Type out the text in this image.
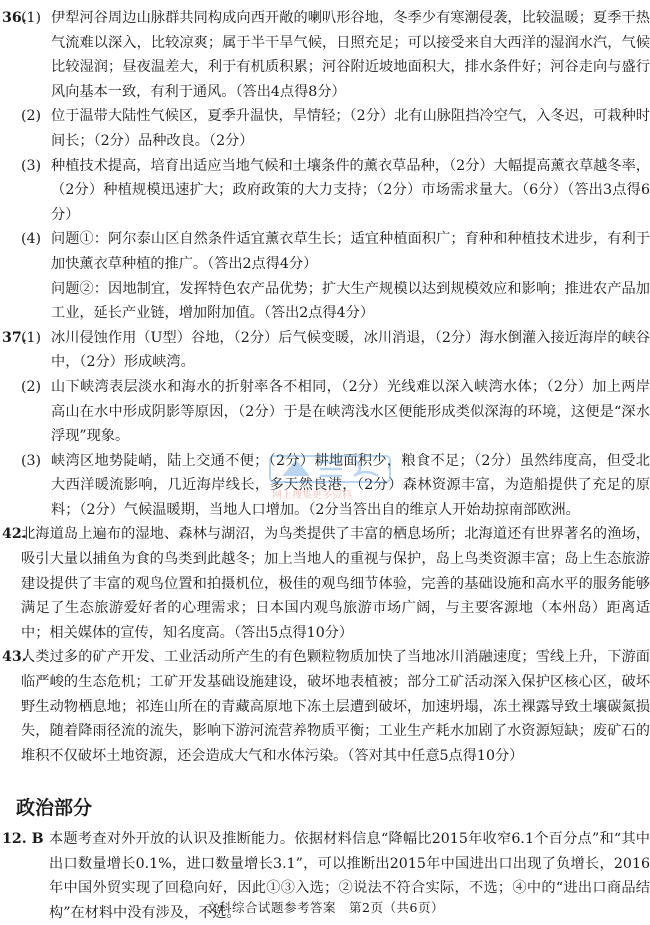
36.
(1) 伊犁河谷周边山脉群共同构成向西开敞的喇叭形谷地，冬季少有寒潮侵袭，比较温暖；夏季干热气流难以深入，比较凉爽；属于半干旱气候，日照充足；可以接受来自大西洋的湿润水汽，气候比较湿润；昼夜温差大，利于有机质积累；河谷附近坡地面积大，排水条件好；河谷走向与盛行风向基本一致，有利于通风。（答出4点得8分）
(2) 位于温带大陆性气候区，夏季升温快，旱情轻；（2分）北有山脉阻挡冷空气，入冬迟，可栽种时间长；（2分）品种改良。（2分）
(3) 种植技术提高，培育出适应当地气候和土壤条件的薰衣草品种，（2分）大幅提高薰衣草越冬率，（2分）种植规模迅速扩大；政府政策的大力支持；（2分）市场需求量大。（6分）（答出3点得6分）
(4) 问题①：阿尔泰山区自然条件适宜薰衣草生长；适宜种植面积广；育种和种植技术进步，有利于加快薰衣草种植的推广。（答出2点得4分）
问题②：因地制宜，发挥特色农产品优势；扩大生产规模以达到规模效应和影响；推进农产品加工业，延长产业链，增加附加值。（答出2点得4分）
37.
(1) 冰川侵蚀作用（U型）谷地，（2分）后气候变暖，冰川消退，（2分）海水倒灌入接近海岸的峡谷中，（2分）形成峡湾。
(2) 山下峡湾表层淡水和海水的折射率各不相同，（2分）光线难以深入峡湾水体；（2分）加上两岸高山在水中形成阴影等原因，（2分）于是在峡湾浅水区便能形成类似深海的环境，这便是“深水浮现”现象。
(3) 峡湾区地势陡峭，陆上交通不便；（2分）耕地面积少，粮食不足；（2分）虽然纬度高，但受北大西洋暖流影响，几近海岸线长，多天然良港，（2分）森林资源丰富，为造船提供了充足的原料；（2分）气候温暖期，当地人口增加。（2分当答出自的维京人开始劫掠南部欧洲。
42.
北海道岛上遍布的湿地、森林与湖沼，为鸟类提供了丰富的栖息场所；北海道还有世界著名的渔场，吸引大量以捕鱼为食的鸟类到此越冬；加上当地人的重视与保护，岛上鸟类资源丰富；岛上生态旅游建设提供了丰富的观鸟位置和拍摄机位，极佳的观鸟细节体验，完善的基础设施和高水平的服务能够满足了生态旅游爱好者的心理需求；日本国内观鸟旅游市场广阔，与主要客源地（本州岛）距离适中；相关媒体的宣传，知名度高。（答出5点得10分）
43.
人类过多的矿产开发、工业活动所产生的有色颗粒物质加快了当地冰川消融速度；雪线上升，下游面临严峻的生态危机；工矿开发基础设施建设，破坏地表植被；部分工矿活动深入保护区核心区，破坏野生动物栖息地；祁连山所在的青藏高原地下冻土层遭到破坏，加速坍塌，冻土裸露导致土壤碳氮损失，随着降雨径流的流失，影响下游河流营养物质平衡；工业生产耗水加剧了水资源短缺；废矿石的堆积不仅破坏土地资源，还会造成大气和水体污染。（答对其中任意5点得10分）
政治部分
12. B 本题考查对外开放的认识及推断能力。依据材料信息“降幅比2015年收窄6.1个百分点”和“其中出口数量增长0.1%，进口数量增长3.1”，可以推断出2015年中国进出口出现了负增长，2016年中国外贸实现了回稳向好，因此①③入选；②说法不符合实际，不选；④中的“进出口商品结构”在材料中没有涉及，不选。
网上搜集更多资料
文科综合试题参考答案　第2页（共6页）
